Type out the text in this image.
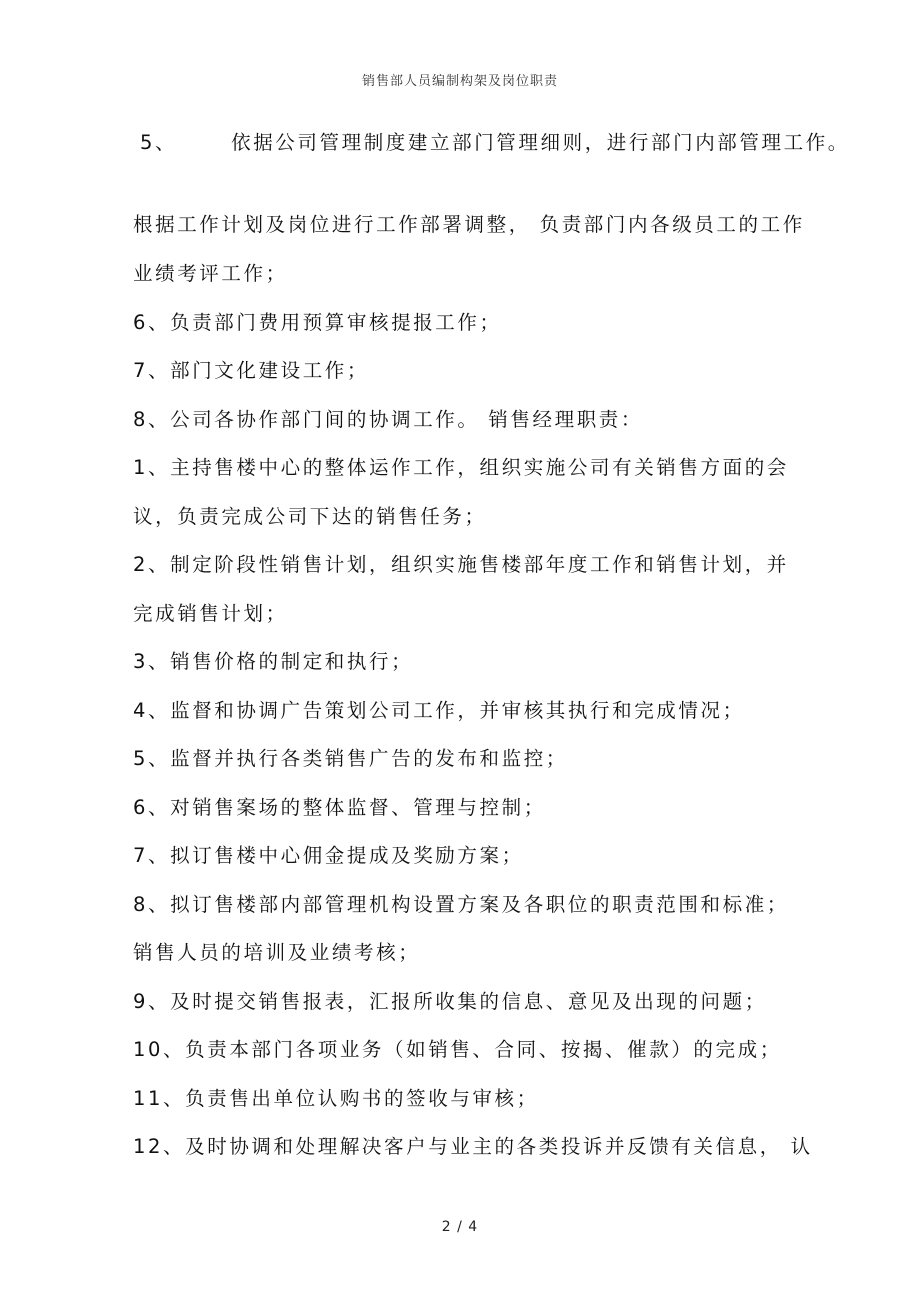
销售部人员编制构架及岗位职责
5、	依据公司管理制度建立部门管理细则，进行部门内部管理工作。
根据工作计划及岗位进行工作部署调整， 负责部门内各级员工的工作
业绩考评工作；
6、负责部门费用预算审核提报工作；
7、部门文化建设工作；
8、公司各协作部门间的协调工作。 销售经理职责：
1、主持售楼中心的整体运作工作，组织实施公司有关销售方面的会
议，负责完成公司下达的销售任务；
2、制定阶段性销售计划，组织实施售楼部年度工作和销售计划，并
完成销售计划；
3、销售价格的制定和执行；
4、监督和协调广告策划公司工作，并审核其执行和完成情况；
5、监督并执行各类销售广告的发布和监控；
6、对销售案场的整体监督、管理与控制；
7、拟订售楼中心佣金提成及奖励方案；
8、拟订售楼部内部管理机构设置方案及各职位的职责范围和标准；
销售人员的培训及业绩考核；
9、及时提交销售报表，汇报所收集的信息、意见及出现的问题；
10、负责本部门各项业务（如销售、合同、按揭、催款）的完成；
11、负责售出单位认购书的签收与审核；
12、及时协调和处理解决客户与业主的各类投诉并反馈有关信息， 认
2 / 4
